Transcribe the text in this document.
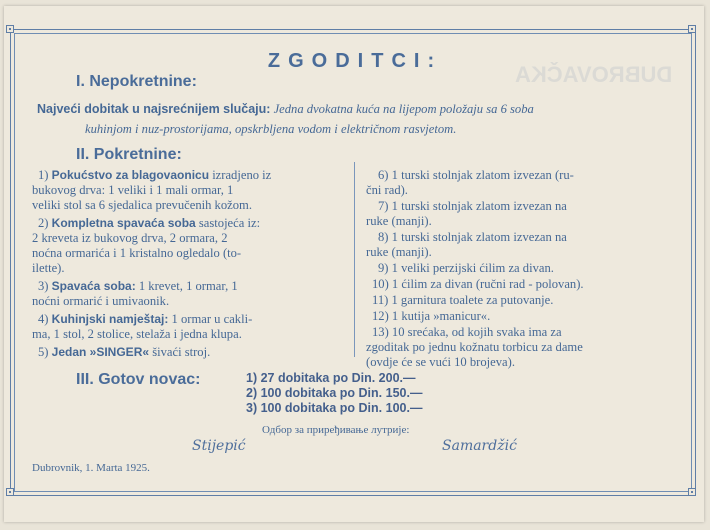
DUBROVAČKA
ZGODITCI:
I. Nepokretnine:
Najveći dobitak u najsrećnijem slučaju: Jedna dvokatna kuća na lijepom položaju sa 6 soba
kuhinjom i nuz-prostorijama, opskrbljena vodom i električnom rasvjetom.
II. Pokretnine:
1) Pokućstvo za blagovaonicu izradjeno iz
bukovog drva: 1 veliki i 1 mali ormar, 1
veliki stol sa 6 sjedalica prevučenih kožom.
2) Kompletna spavaća soba sastojeća iz:
2 kreveta iz bukovog drva, 2 ormara, 2
noćna ormarića i 1 kristalno ogledalo (to-
ilette).
3) Spavaća soba: 1 krevet, 1 ormar, 1
noćni ormarić i umivaonik.
4) Kuhinjski namještaj: 1 ormar u cakli-
ma, 1 stol, 2 stolice, stelaža i jedna klupa.
5) Jedan »SINGER« šivaći stroj.
6) 1 turski stolnjak zlatom izvezan (ru-
čni rad).
7) 1 turski stolnjak zlatom izvezan na
ruke (manji).
8) 1 turski stolnjak zlatom izvezan na
ruke (manji).
9) 1 veliki perzijski ćilim za divan.
10) 1 ćilim za divan (ručni rad - polovan).
11) 1 garnitura toalete za putovanje.
12) 1 kutija »manicur«.
13) 10 srećaka, od kojih svaka ima za
zgoditak po jednu kožnatu torbicu za dame
(ovdje će se vući 10 brojeva).
III. Gotov novac:	1) 27 dobitaka po Din. 200.—
2) 100 dobitaka po Din. 150.—
3) 100 dobitaka po Din. 100.—
Одбор за приређивање лутрије:
Stijepić	Samardžić
Dubrovnik, 1. Marta 1925.
